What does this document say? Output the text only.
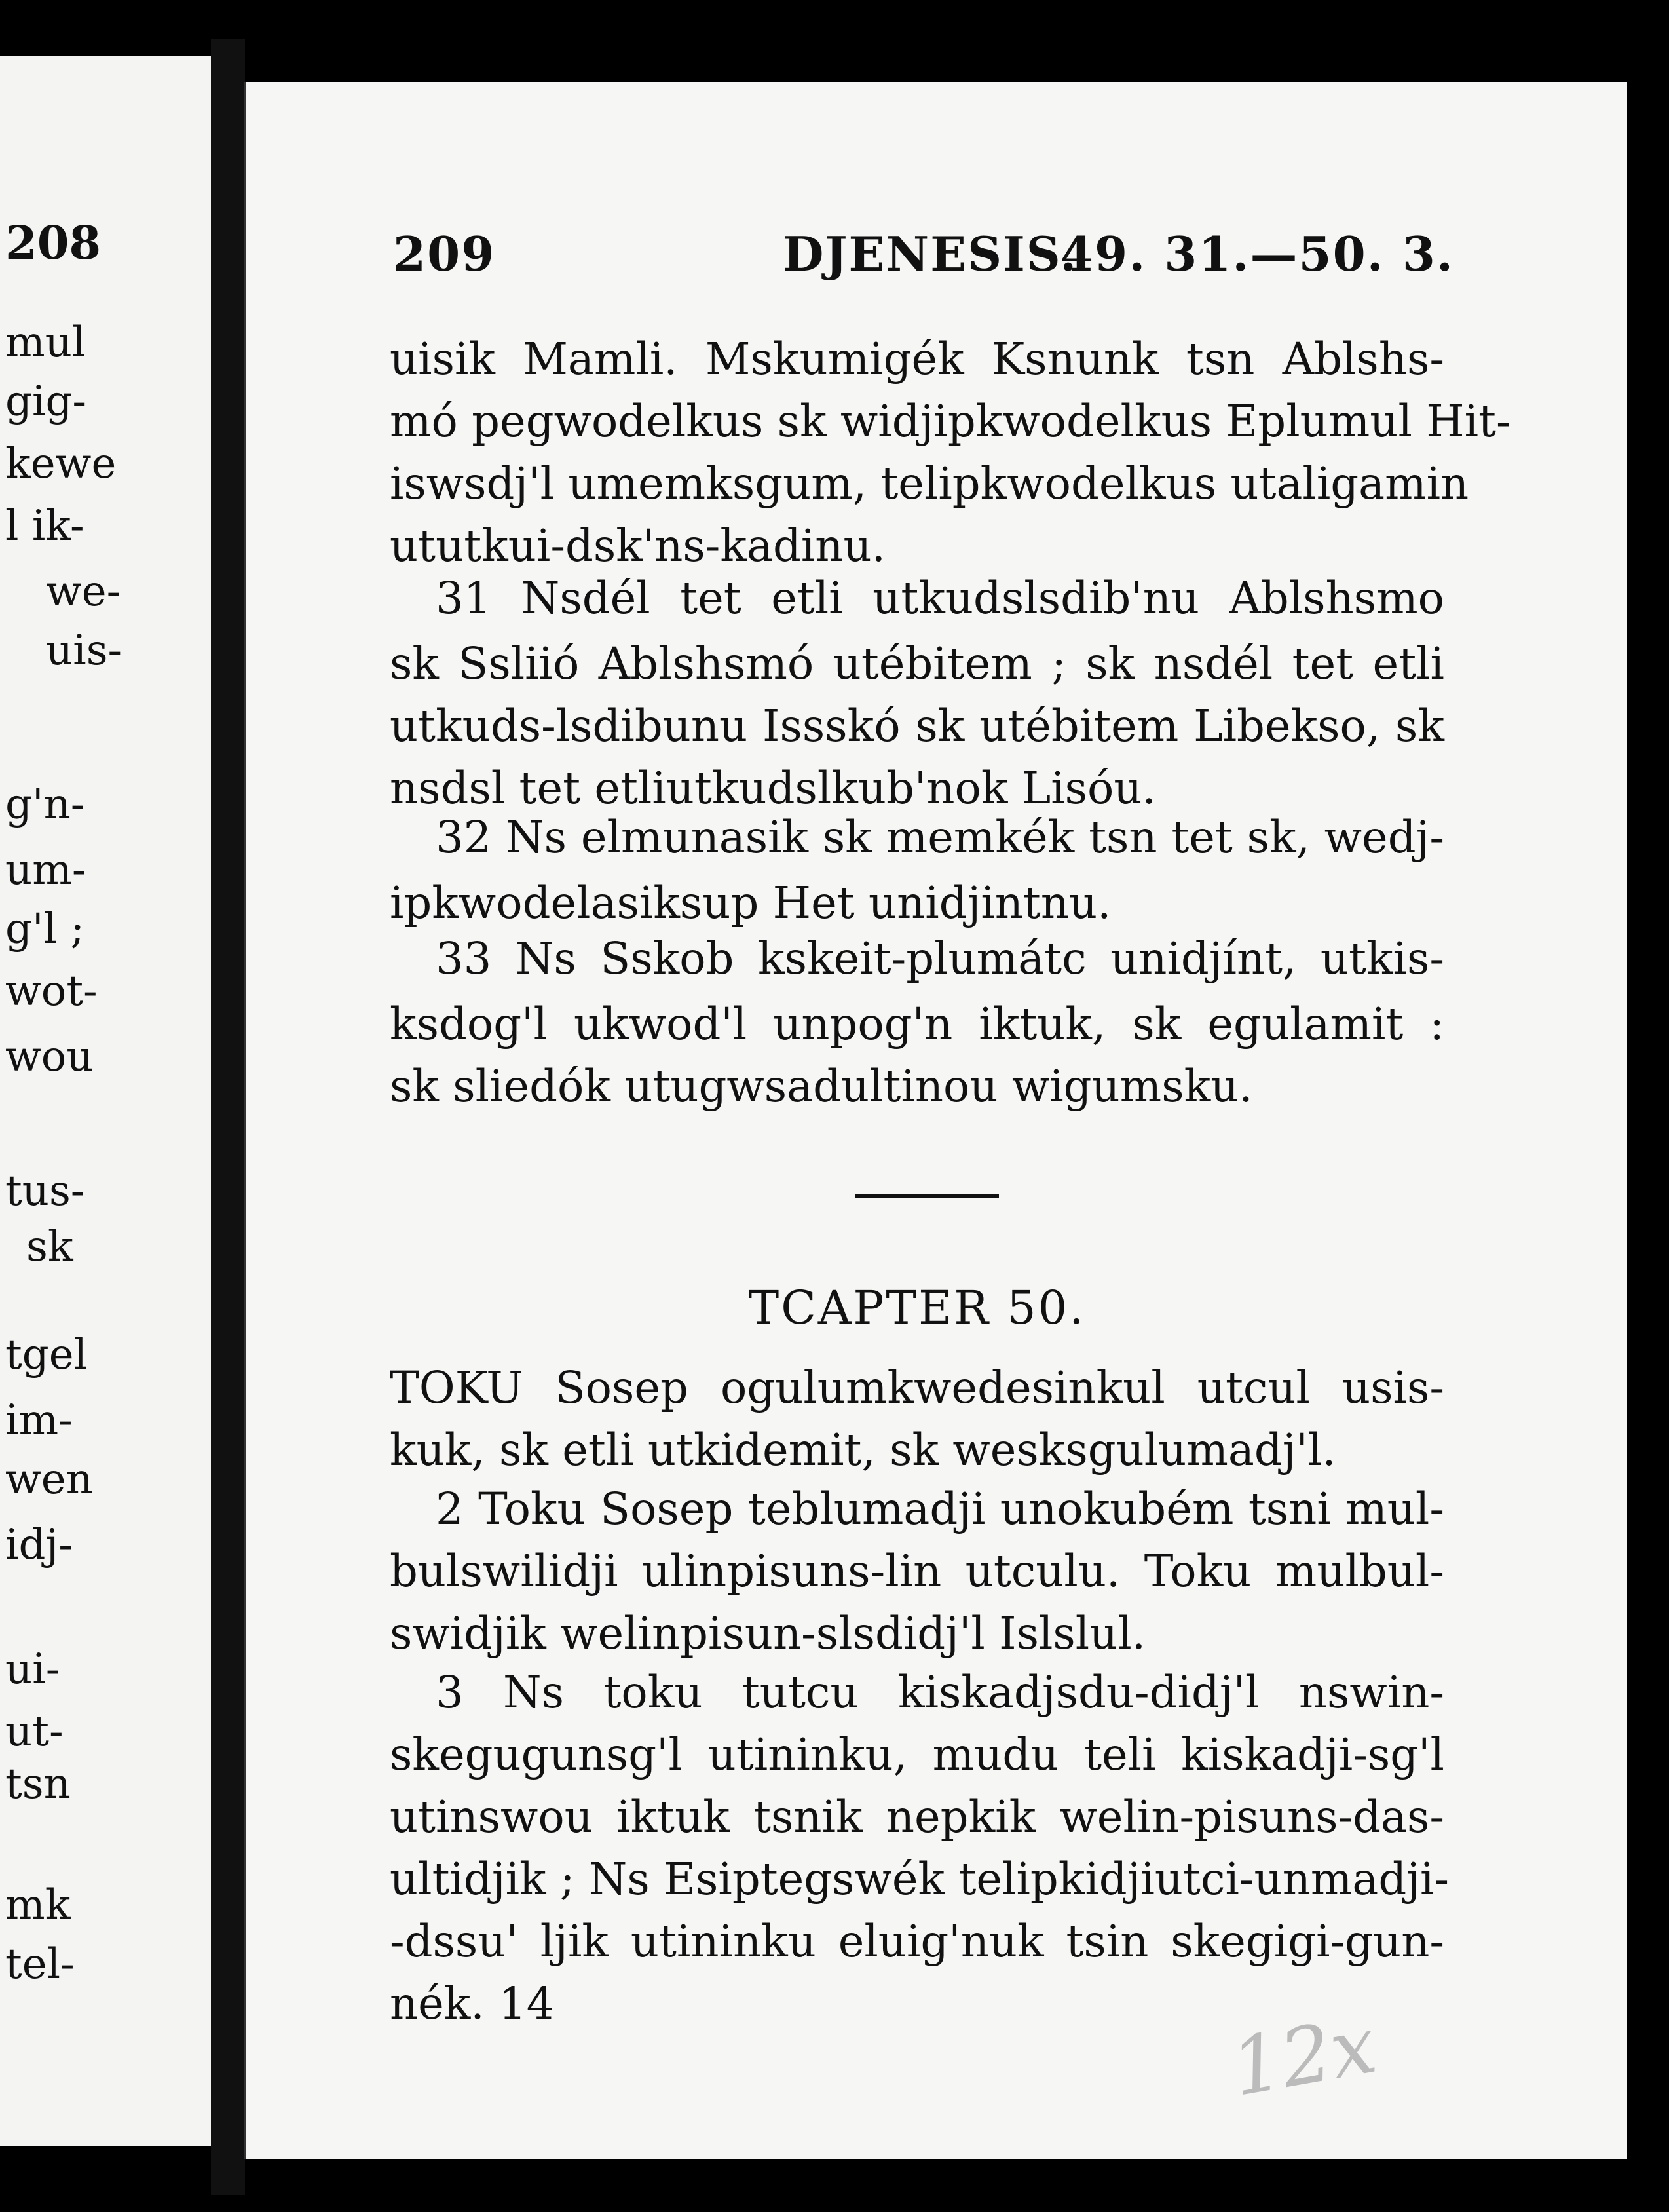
208
mul
gig-
kewe
l ik-
we-
uis-
g'n-
um-
g'l ;
wot-
wou
tus-
sk
tgel
im-
wen
idj-
ui-
ut-
tsn
mk
tel-
209	DJENESIS.
49. 31.—50. 3.
uisik Mamli. Mskumigék Ksnunk tsn Ablshs-
mó pegwodelkus sk widjipkwodelkus Eplumul Hit-
iswsdj'l umemksgum, telipkwodelkus utaligamin
ututkui-dsk'ns-kadinu.
31 Nsdél tet etli utkudslsdib'nu Ablshsmo
sk Ssliió Ablshsmó utébitem ; sk nsdél tet etli
utkuds-lsdibunu Issskó sk utébitem Libekso, sk
nsdsl tet etliutkudslkub'nok Lisóu.
32 Ns elmunasik sk memkék tsn tet sk, wedj-
ipkwodelasiksup Het unidjintnu.
33 Ns Sskob kskeit-plumátc unidjínt, utkis-
ksdog'l ukwod'l unpog'n iktuk, sk egulamit :
sk sliedók utugwsadultinou wigumsku.
TCAPTER 50.
TOKU Sosep ogulumkwedesinkul utcul usis-
kuk, sk etli utkidemit, sk wesksgulumadj'l.
2 Toku Sosep teblumadji unokubém tsni mul-
bulswilidji ulinpisuns-lin utculu. Toku mulbul-
swidjik welinpisun-slsdidj'l Islslul.
3 Ns toku tutcu kiskadjsdu-didj'l nswin-
skegugunsg'l utininku, mudu teli kiskadji-sg'l
utinswou iktuk tsnik nepkik welin-pisuns-das-
ultidjik ; Ns Esiptegswék telipkidjiutci-unmadji-
-dssu' ljik utininku eluig'nuk tsin skegigi-gun-
nék. 14	12x
